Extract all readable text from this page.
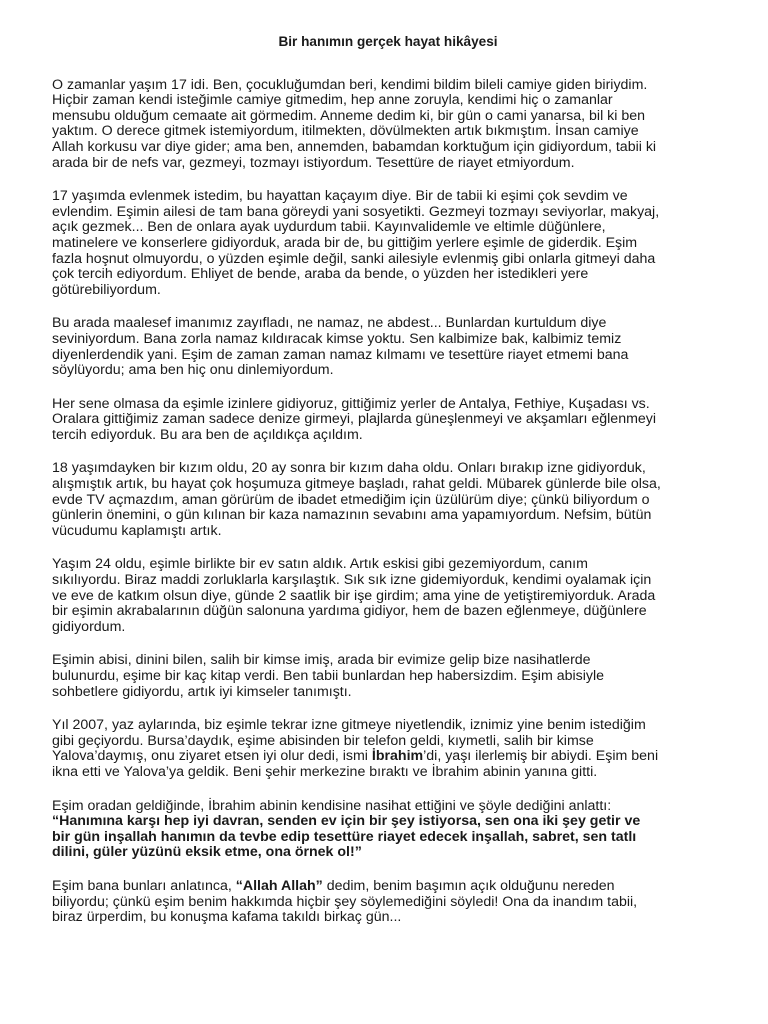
Bir hanımın gerçek hayat hikâyesi
O zamanlar yaşım 17 idi. Ben, çocukluğumdan beri, kendimi bildim bileli camiye giden biriydim.
Hiçbir zaman kendi isteğimle camiye gitmedim, hep anne zoruyla, kendimi hiç o zamanlar
mensubu olduğum cemaate ait görmedim. Anneme dedim ki, bir gün o cami yanarsa, bil ki ben
yaktım. O derece gitmek istemiyordum, itilmekten, dövülmekten artık bıkmıştım. İnsan camiye
Allah korkusu var diye gider; ama ben, annemden, babamdan korktuğum için gidiyordum, tabii ki
arada bir de nefs var, gezmeyi, tozmayı istiyordum. Tesettüre de riayet etmiyordum.
17 yaşımda evlenmek istedim, bu hayattan kaçayım diye. Bir de tabii ki eşimi çok sevdim ve
evlendim. Eşimin ailesi de tam bana göreydi yani sosyetikti. Gezmeyi tozmayı seviyorlar, makyaj,
açık gezmek... Ben de onlara ayak uydurdum tabii. Kayınvalidemle ve eltimle düğünlere,
matinelere ve konserlere gidiyorduk, arada bir de, bu gittiğim yerlere eşimle de giderdik. Eşim
fazla hoşnut olmuyordu, o yüzden eşimle değil, sanki ailesiyle evlenmiş gibi onlarla gitmeyi daha
çok tercih ediyordum. Ehliyet de bende, araba da bende, o yüzden her istedikleri yere
götürebiliyordum.
Bu arada maalesef imanımız zayıfladı, ne namaz, ne abdest... Bunlardan kurtuldum diye
seviniyordum. Bana zorla namaz kıldıracak kimse yoktu. Sen kalbimize bak, kalbimiz temiz
diyenlerdendik yani. Eşim de zaman zaman namaz kılmamı ve tesettüre riayet etmemi bana
söylüyordu; ama ben hiç onu dinlemiyordum.
Her sene olmasa da eşimle izinlere gidiyoruz, gittiğimiz yerler de Antalya, Fethiye, Kuşadası vs.
Oralara gittiğimiz zaman sadece denize girmeyi, plajlarda güneşlenmeyi ve akşamları eğlenmeyi
tercih ediyorduk. Bu ara ben de açıldıkça açıldım.
18 yaşımdayken bir kızım oldu, 20 ay sonra bir kızım daha oldu. Onları bırakıp izne gidiyorduk,
alışmıştık artık, bu hayat çok hoşumuza gitmeye başladı, rahat geldi. Mübarek günlerde bile olsa,
evde TV açmazdım, aman görürüm de ibadet etmediğim için üzülürüm diye; çünkü biliyordum o
günlerin önemini, o gün kılınan bir kaza namazının sevabını ama yapamıyordum. Nefsim, bütün
vücudumu kaplamıştı artık.
Yaşım 24 oldu, eşimle birlikte bir ev satın aldık. Artık eskisi gibi gezemiyordum, canım
sıkılıyordu. Biraz maddi zorluklarla karşılaştık. Sık sık izne gidemiyorduk, kendimi oyalamak için
ve eve de katkım olsun diye, günde 2 saatlik bir işe girdim; ama yine de yetiştiremiyorduk. Arada
bir eşimin akrabalarının düğün salonuna yardıma gidiyor, hem de bazen eğlenmeye, düğünlere
gidiyordum.
Eşimin abisi, dinini bilen, salih bir kimse imiş, arada bir evimize gelip bize nasihatlerde
bulunurdu, eşime bir kaç kitap verdi. Ben tabii bunlardan hep habersizdim. Eşim abisiyle
sohbetlere gidiyordu, artık iyi kimseler tanımıştı.
Yıl 2007, yaz aylarında, biz eşimle tekrar izne gitmeye niyetlendik, iznimiz yine benim istediğim
gibi geçiyordu. Bursa’daydık, eşime abisinden bir telefon geldi, kıymetli, salih bir kimse
Yalova’daymış, onu ziyaret etsen iyi olur dedi, ismi İbrahim’di, yaşı ilerlemiş bir abiydi. Eşim beni
ikna etti ve Yalova’ya geldik. Beni şehir merkezine bıraktı ve İbrahim abinin yanına gitti.
Eşim oradan geldiğinde, İbrahim abinin kendisine nasihat ettiğini ve şöyle dediğini anlattı:
“Hanımına karşı hep iyi davran, senden ev için bir şey istiyorsa, sen ona iki şey getir ve
bir gün inşallah hanımın da tevbe edip tesettüre riayet edecek inşallah, sabret, sen tatlı
dilini, güler yüzünü eksik etme, ona örnek ol!”
Eşim bana bunları anlatınca, “Allah Allah” dedim, benim başımın açık olduğunu nereden
biliyordu; çünkü eşim benim hakkımda hiçbir şey söylemediğini söyledi! Ona da inandım tabii,
biraz ürperdim, bu konuşma kafama takıldı birkaç gün...
